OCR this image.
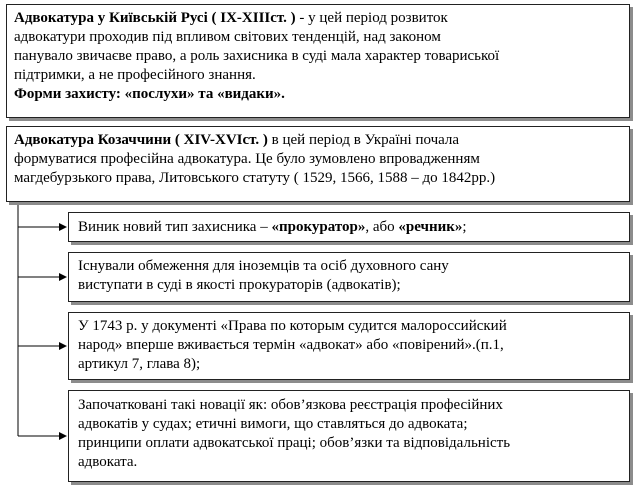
Адвокатура у Київській Русі ( IX-XIIIст. ) - у цей період розвиток
адвокатури проходив під впливом світових тенденцій, над законом
панувало звичаєве право, а роль захисника в суді мала характер товариської
підтримки, а не професійного знання.
Форми захисту: «послухи» та «видаки».
Адвокатура Козаччини ( XIV-XVIст. ) в цей період в Україні почала
формуватися професійна адвокатура. Це було зумовлено впровадженням
магдебурзького права, Литовського статуту ( 1529, 1566, 1588 – до 1842рр.)
Виник новий тип захисника – «прокуратор», або «речник»;
Існували обмеження для іноземців та осіб духовного сану
виступати в суді в якості прокураторів (адвокатів);
У 1743 р. у документі «Права по которым судится малороссийский
народ» вперше вживається термін «адвокат» або «повірений».(п.1,
артикул 7, глава 8);
Започатковані такі новації як: обов’язкова реєстрація професійних
адвокатів у судах; етичні вимоги, що ставляться до адвоката;
принципи оплати адвокатської праці; обов’язки та відповідальність
адвоката.
